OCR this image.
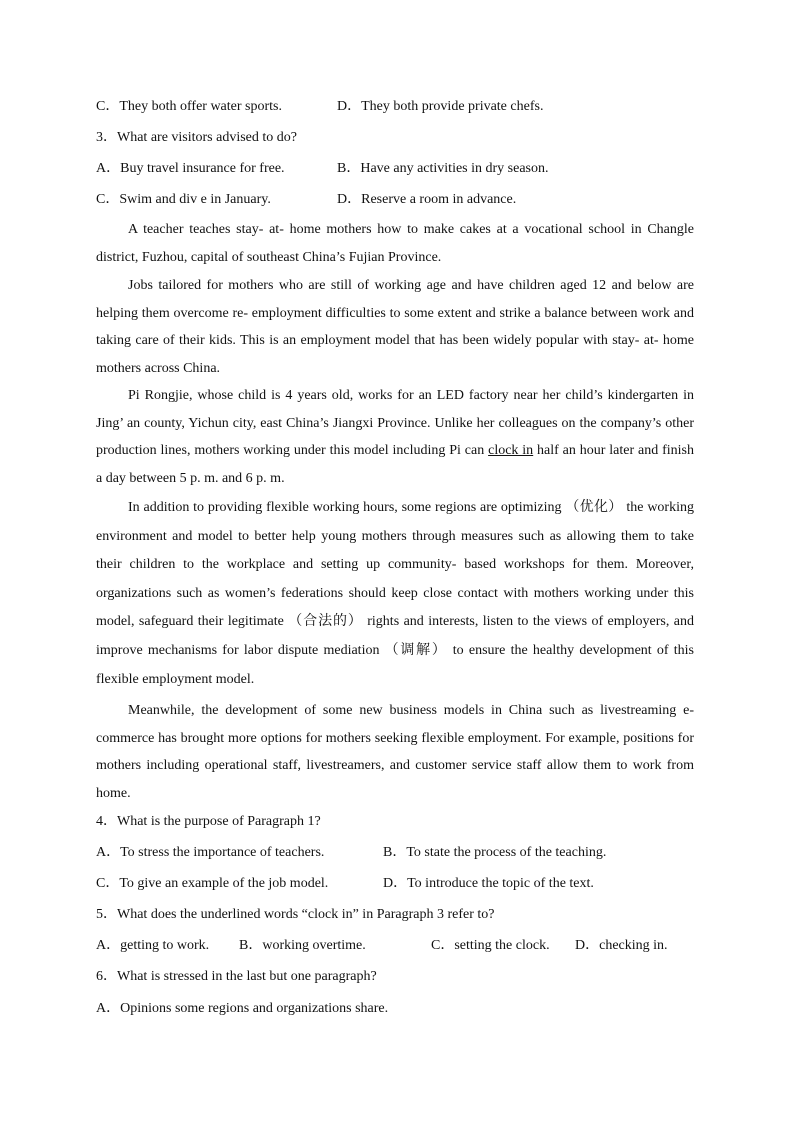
C．They both offer water sports.	D．They both provide private chefs.
3．What are visitors advised to do?
A．Buy travel insurance for free.	B．Have any activities in dry season.
C．Swim and div e in January.	D．Reserve a room in advance.
A teacher teaches stay- at- home mothers how to make cakes at a vocational school in Changle district, Fuzhou, capital of southeast China’s Fujian Province.
Jobs tailored for mothers who are still of working age and have children aged 12 and below are helping them overcome re- employment difficulties to some extent and strike a balance between work and taking care of their kids. This is an employment model that has been widely popular with stay- at- home mothers across China.
Pi Rongjie, whose child is 4 years old, works for an LED factory near her child’s kindergarten in Jing’ an county, Yichun city, east China’s Jiangxi Province. Unlike her colleagues on the company’s other production lines, mothers working under this model including Pi can clock in half an hour later and finish a day between 5 p. m. and 6 p. m.
In addition to providing flexible working hours, some regions are optimizing （优化） the working environment and model to better help young mothers through measures such as allowing them to take their children to the workplace and setting up community- based workshops for them. Moreover, organizations such as women’s federations should keep close contact with mothers working under this model, safeguard their legitimate （合法的） rights and interests, listen to the views of employers, and improve mechanisms for labor dispute mediation （调解） to ensure the healthy development of this flexible employment model.
Meanwhile, the development of some new business models in China such as livestreaming e- commerce has brought more options for mothers seeking flexible employment. For example, positions for mothers including operational staff, livestreamers, and customer service staff allow them to work from home.
4．What is the purpose of Paragraph 1?
A．To stress the importance of teachers.	B．To state the process of the teaching.
C．To give an example of the job model.	D．To introduce the topic of the text.
5．What does the underlined words “clock in” in Paragraph 3 refer to?
A．getting to work. B．working overtime.	C．setting the clock. D．checking in.
6．What is stressed in the last but one paragraph?
A．Opinions some regions and organizations share.
